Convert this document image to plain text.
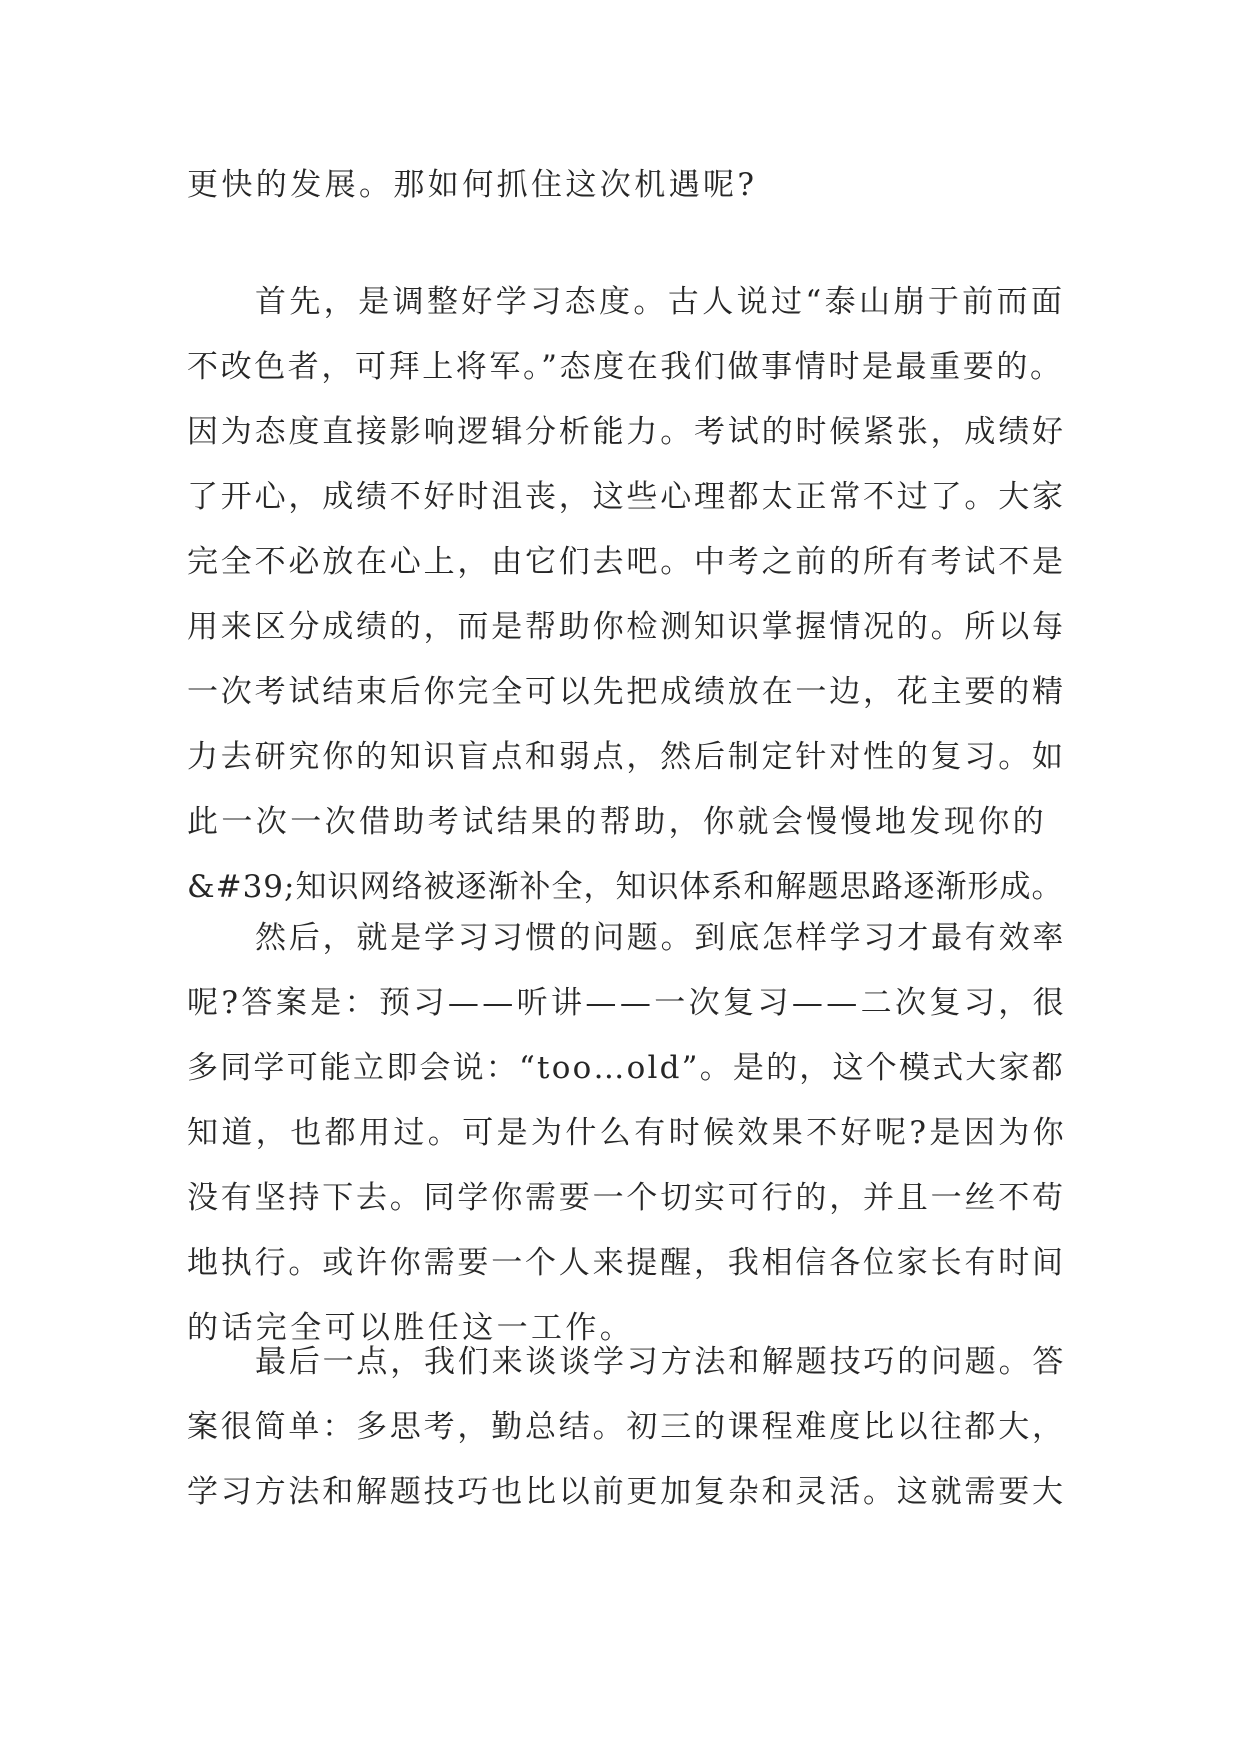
更快的发展。那如何抓住这次机遇呢?
首先，是调整好学习态度。古人说过“泰山崩于前而面
不改色者，可拜上将军。”态度在我们做事情时是最重要的。
因为态度直接影响逻辑分析能力。考试的时候紧张，成绩好
了开心，成绩不好时沮丧，这些心理都太正常不过了。大家
完全不必放在心上，由它们去吧。中考之前的所有考试不是
用来区分成绩的，而是帮助你检测知识掌握情况的。所以每
一次考试结束后你完全可以先把成绩放在一边，花主要的精
力去研究你的知识盲点和弱点，然后制定针对性的复习。如
此一次一次借助考试结果的帮助，你就会慢慢地发现你的
&#39;知识网络被逐渐补全，知识体系和解题思路逐渐形成。
然后，就是学习习惯的问题。到底怎样学习才最有效率
呢?答案是：预习——听讲——一次复习——二次复习，很
多同学可能立即会说：“too…old”。是的，这个模式大家都
知道，也都用过。可是为什么有时候效果不好呢?是因为你
没有坚持下去。同学你需要一个切实可行的，并且一丝不苟
地执行。或许你需要一个人来提醒，我相信各位家长有时间
的话完全可以胜任这一工作。
最后一点，我们来谈谈学习方法和解题技巧的问题。答
案很简单：多思考，勤总结。初三的课程难度比以往都大，
学习方法和解题技巧也比以前更加复杂和灵活。这就需要大
